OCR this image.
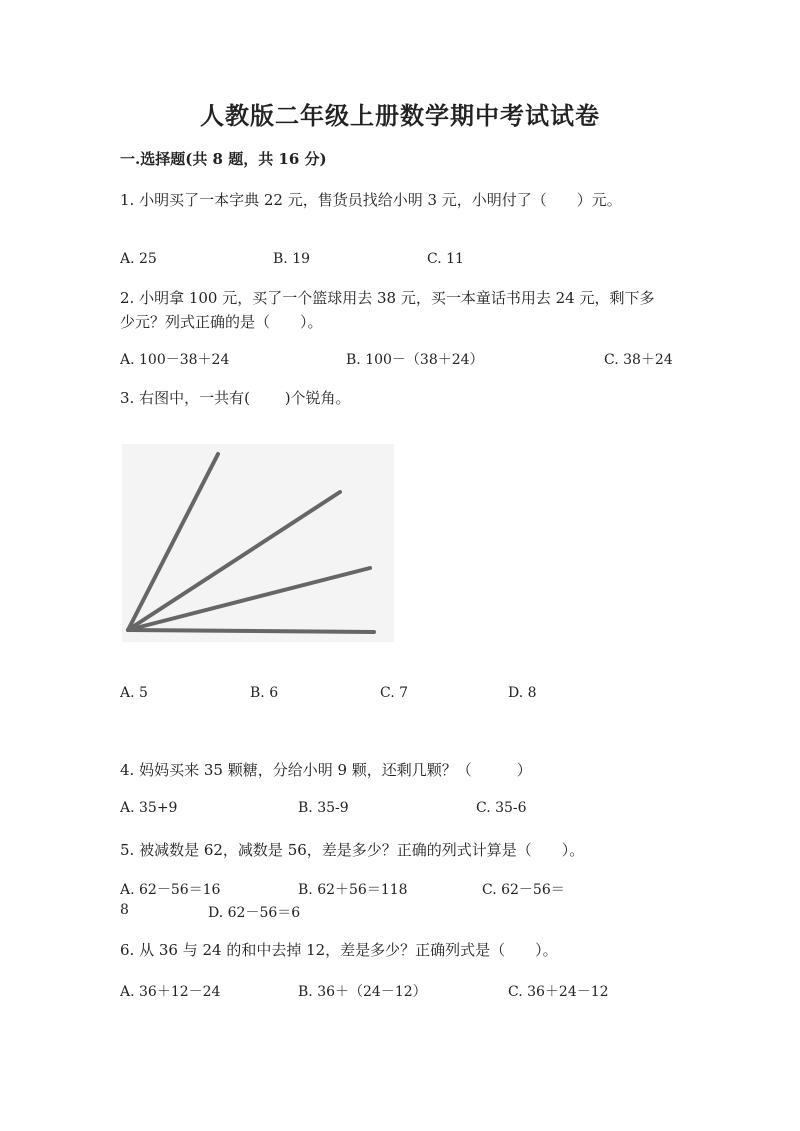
人教版二年级上册数学期中考试试卷
一.选择题(共 8 题，共 16 分)
1. 小明买了一本字典 22 元，售货员找给小明 3 元，小明付了（　　）元。
A. 25	B. 19	C. 11
2. 小明拿 100 元，买了一个篮球用去 38 元，买一本童话书用去 24 元，剩下多
少元？列式正确的是（　　）。
A. 100－38＋24	B. 100－（38＋24）	C. 38＋24
3. 右图中，一共有(　　 )个锐角。
A. 5	B. 6	C. 7	D. 8
4. 妈妈买来 35 颗糖，分给小明 9 颗，还剩几颗？（　　　）
A. 35+9	B. 35-9	C. 35-6
5. 被减数是 62，减数是 56，差是多少？正确的列式计算是（　　）。
A. 62－56＝16	B. 62＋56＝118	C. 62－56＝
8	D. 62－56＝6
6. 从 36 与 24 的和中去掉 12，差是多少？正确列式是（　　）。
A. 36＋12－24	B. 36＋（24－12）	C. 36＋24－12
